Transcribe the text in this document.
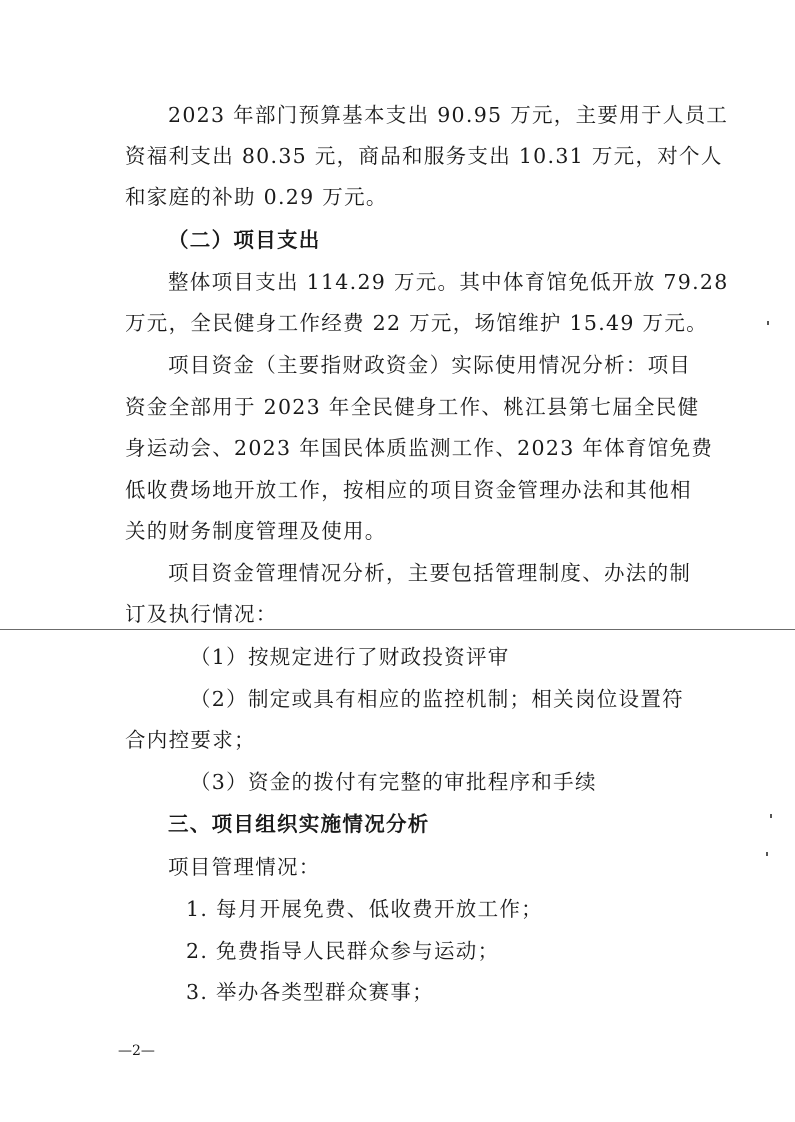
2023 年部门预算基本支出 90.95 万元，主要用于人员工
资福利支出 80.35 元，商品和服务支出 10.31 万元，对个人
和家庭的补助 0.29 万元。
（二）项目支出
整体项目支出 114.29 万元。其中体育馆免低开放 79.28
万元，全民健身工作经费 22 万元，场馆维护 15.49 万元。
项目资金（主要指财政资金）实际使用情况分析：项目
资金全部用于 2023 年全民健身工作、桃江县第七届全民健
身运动会、2023 年国民体质监测工作、2023 年体育馆免费
低收费场地开放工作，按相应的项目资金管理办法和其他相
关的财务制度管理及使用。
项目资金管理情况分析，主要包括管理制度、办法的制
订及执行情况：
（1）按规定进行了财政投资评审
（2）制定或具有相应的监控机制；相关岗位设置符
合内控要求；
（3）资金的拨付有完整的审批程序和手续
三、项目组织实施情况分析
项目管理情况：
1. 每月开展免费、低收费开放工作；
2. 免费指导人民群众参与运动；
3. 举办各类型群众赛事；
—2—
